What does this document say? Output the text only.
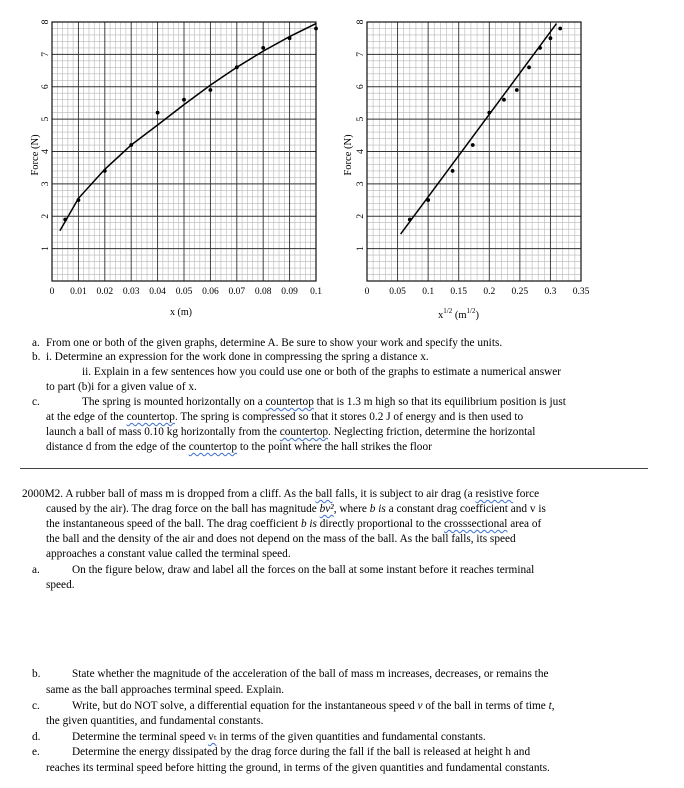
0 0.01 0.02 0.03 0.04 0.05 0.06 0.07 0.08 0.09 0.1
1
2
3
4
5
6
7
8
x (m)
Force (N)
0 0.05 0.1 0.15 0.2 0.25 0.3 0.35
1
2
3
4
5
6
7
8
$x^{1/2}$ $(m^{1/2})$
Force (N)
a. From one or both of the given graphs, determine A. Be sure to show your work and specify the units.
b. i. Determine an expression for the work done in compressing the spring a distance x.
ii. Explain in a few sentences how you could use one or both of the graphs to estimate a numerical answer
to part (b)i for a given value of x.
c.	The spring is mounted horizontally on a countertop that is 1.3 m high so that its equilibrium position is just
at the edge of the countertop. The spring is compressed so that it stores 0.2 J of energy and is then used to
launch a ball of mass 0.10 kg horizontally from the countertop. Neglecting friction, determine the horizontal
distance d from the edge of the countertop to the point where the hall strikes the floor
2000M2. A rubber ball of mass m is dropped from a cliff. As the ball falls, it is subject to air drag (a resistive force
caused by the air). The drag force on the ball has magnitude bv², where b is a constant drag coefficient and v is
the instantaneous speed of the ball. The drag coefficient b is directly proportional to the crosssectional area of
the ball and the density of the air and does not depend on the mass of the ball. As the ball falls, its speed
approaches a constant value called the terminal speed.
a.	On the figure below, draw and label all the forces on the ball at some instant before it reaches terminal
speed.
b.	State whether the magnitude of the acceleration of the ball of mass m increases, decreases, or remains the
same as the ball approaches terminal speed. Explain.
c.	Write, but do NOT solve, a differential equation for the instantaneous speed v of the ball in terms of time t,
the given quantities, and fundamental constants.
d.	Determine the terminal speed vₜ in terms of the given quantities and fundamental constants.
e.	Determine the energy dissipated by the drag force during the fall if the ball is released at height h and
reaches its terminal speed before hitting the ground, in terms of the given quantities and fundamental constants.
